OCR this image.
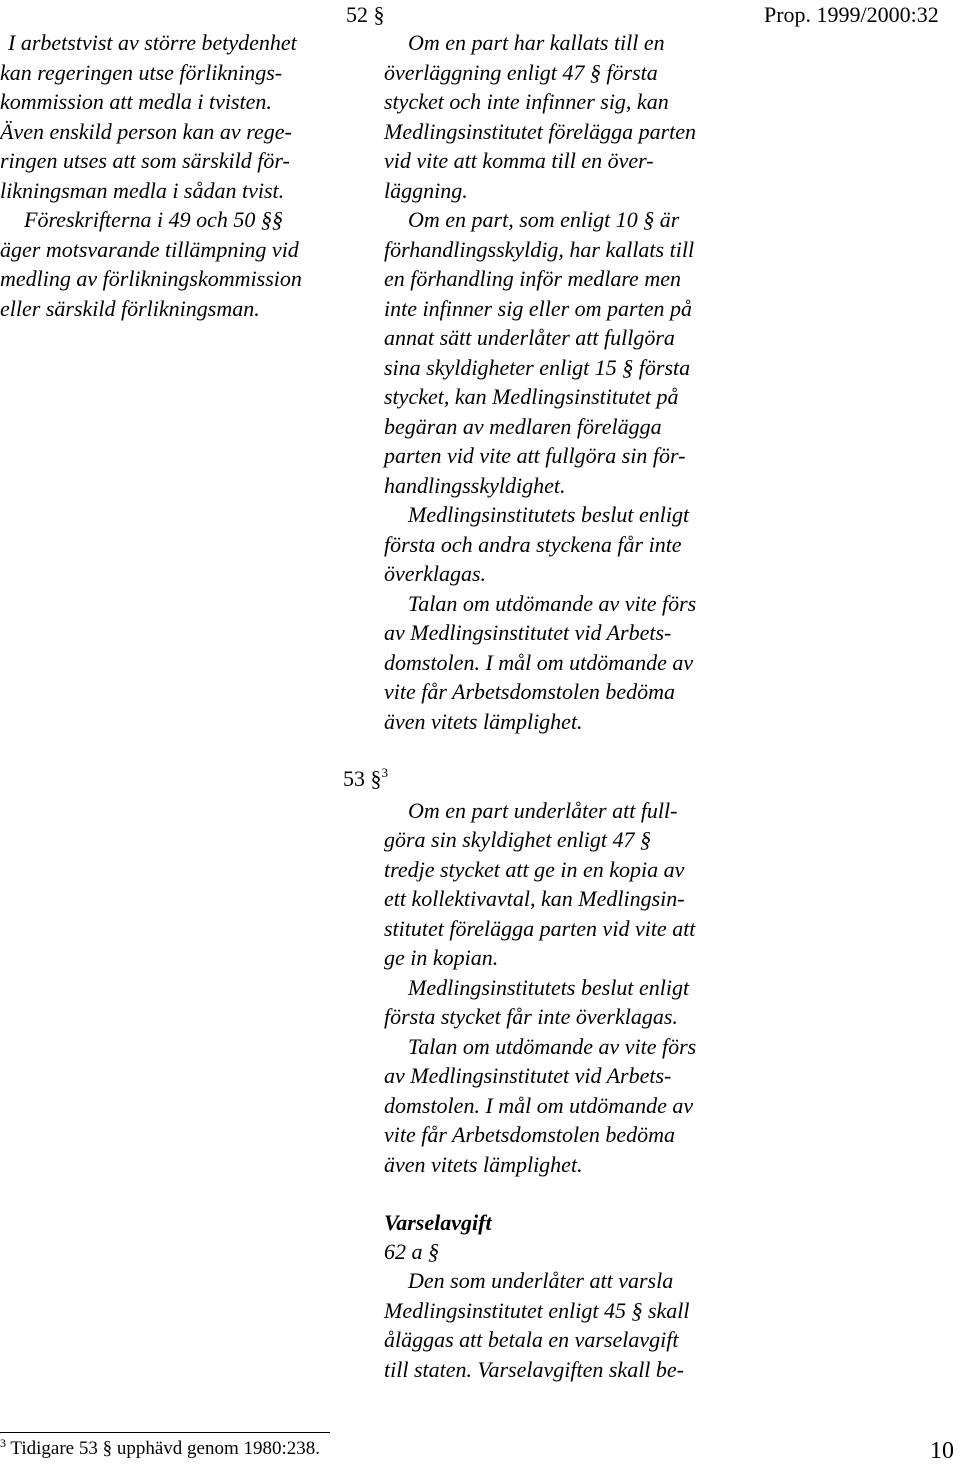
52 §	Prop. 1999/2000:32
I arbetstvist av större betydenhet
kan regeringen utse förliknings-
kommission att medla i tvisten.
Även enskild person kan av rege-
ringen utses att som särskild för-
likningsman medla i sådan tvist.
Föreskrifterna i 49 och 50 §§
äger motsvarande tillämpning vid
medling av förlikningskommission
eller särskild förlikningsman.
Om en part har kallats till en
överläggning enligt 47 § första
stycket och inte infinner sig, kan
Medlingsinstitutet förelägga parten
vid vite att komma till en över-
läggning.
Om en part, som enligt 10 § är
förhandlingsskyldig, har kallats till
en förhandling inför medlare men
inte infinner sig eller om parten på
annat sätt underlåter att fullgöra
sina skyldigheter enligt 15 § första
stycket, kan Medlingsinstitutet på
begäran av medlaren förelägga
parten vid vite att fullgöra sin för-
handlingsskyldighet.
Medlingsinstitutets beslut enligt
första och andra styckena får inte
överklagas.
Talan om utdömande av vite förs
av Medlingsinstitutet vid Arbets-
domstolen. I mål om utdömande av
vite får Arbetsdomstolen bedöma
även vitets lämplighet.
53 §$^3$
Om en part underlåter att full-
göra sin skyldighet enligt 47 §
tredje stycket att ge in en kopia av
ett kollektivavtal, kan Medlingsin-
stitutet förelägga parten vid vite att
ge in kopian.
Medlingsinstitutets beslut enligt
första stycket får inte överklagas.
Talan om utdömande av vite förs
av Medlingsinstitutet vid Arbets-
domstolen. I mål om utdömande av
vite får Arbetsdomstolen bedöma
även vitets lämplighet.
Varselavgift
62 a §
Den som underlåter att varsla
Medlingsinstitutet enligt 45 § skall
åläggas att betala en varselavgift
till staten. Varselavgiften skall be-
$^3$ Tidigare 53 § upphävd genom 1980:238.	10
